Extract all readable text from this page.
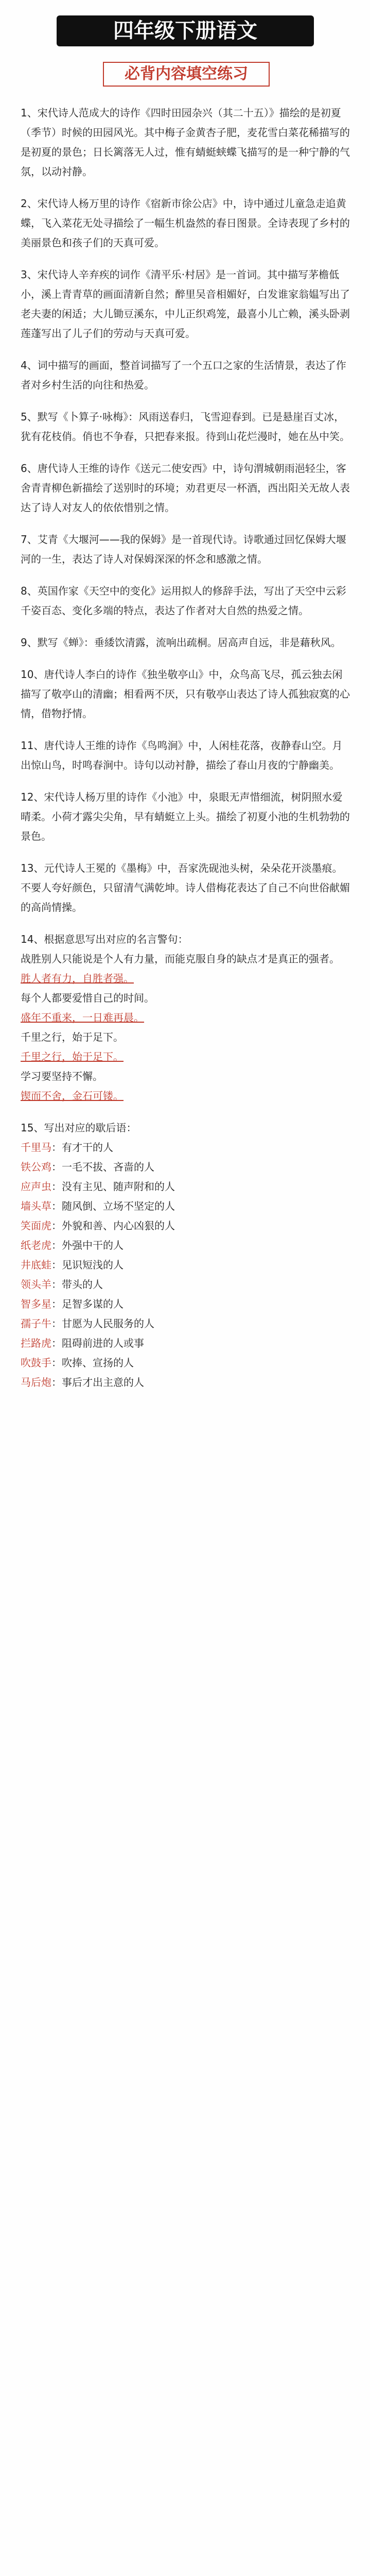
四年级下册语文
必背内容填空练习

1、宋代诗人范成大的诗作《四时田园杂兴（其二十五）》描绘的是初夏（季节）时候的田园风光。其中梅子金黄杏子肥，麦花雪白菜花稀描写的是初夏的景色；日长篱落无人过，惟有蜻蜓蛱蝶飞描写的是一种宁静的气氛，以动衬静。

2、宋代诗人杨万里的诗作《宿新市徐公店》中，诗中通过儿童急走追黄蝶，飞入菜花无处寻描绘了一幅生机盎然的春日图景。全诗表现了乡村的美丽景色和孩子们的天真可爱。

3、宋代诗人辛弃疾的词作《清平乐·村居》是一首词。其中描写茅檐低小，溪上青青草的画面清新自然；醉里吴音相媚好，白发谁家翁媪写出了老夫妻的闲适；大儿锄豆溪东，中儿正织鸡笼，最喜小儿亡赖，溪头卧剥莲蓬写出了儿子们的劳动与天真可爱。

4、词中描写的画面，整首词描写了一个五口之家的生活情景，表达了作者对乡村生活的向往和热爱。

5、默写《卜算子·咏梅》：风雨送春归，飞雪迎春到。已是悬崖百丈冰，犹有花枝俏。俏也不争春，只把春来报。待到山花烂漫时，她在丛中笑。

6、唐代诗人王维的诗作《送元二使安西》中，诗句渭城朝雨浥轻尘，客舍青青柳色新描绘了送别时的环境；劝君更尽一杯酒，西出阳关无故人表达了诗人对友人的依依惜别之情。

7、艾青《大堰河——我的保姆》是一首现代诗。诗歌通过回忆保姆大堰河的一生，表达了诗人对保姆深深的怀念和感激之情。

8、英国作家《天空中的变化》运用拟人的修辞手法，写出了天空中云彩千姿百态、变化多端的特点，表达了作者对大自然的热爱之情。

9、默写《蝉》：垂緌饮清露，流响出疏桐。居高声自远，非是藉秋风。

10、唐代诗人李白的诗作《独坐敬亭山》中，众鸟高飞尽，孤云独去闲描写了敬亭山的清幽；相看两不厌，只有敬亭山表达了诗人孤独寂寞的心情，借物抒情。

11、唐代诗人王维的诗作《鸟鸣涧》中，人闲桂花落，夜静春山空。月出惊山鸟，时鸣春涧中。诗句以动衬静，描绘了春山月夜的宁静幽美。

12、宋代诗人杨万里的诗作《小池》中，泉眼无声惜细流，树阴照水爱晴柔。小荷才露尖尖角，早有蜻蜓立上头。描绘了初夏小池的生机勃勃的景色。

13、元代诗人王冕的《墨梅》中，吾家洗砚池头树，朵朵花开淡墨痕。不要人夸好颜色，只留清气满乾坤。诗人借梅花表达了自己不向世俗献媚的高尚情操。

14、根据意思写出对应的名言警句：

战胜别人只能说是个人有力量，而能克服自身的缺点才是真正的强者。

胜人者有力，自胜者强。

每个人都要爱惜自己的时间。

盛年不重来，一日难再晨。

千里之行，始于足下。

千里之行，始于足下。

学习要坚持不懈。

锲而不舍，金石可镂。

15、写出对应的歇后语：

千里马：有才干的人

铁公鸡：一毛不拔、吝啬的人

应声虫：没有主见、随声附和的人

墙头草：随风倒、立场不坚定的人

笑面虎：外貌和善、内心凶狠的人

纸老虎：外强中干的人

井底蛙：见识短浅的人

领头羊：带头的人

智多星：足智多谋的人

孺子牛：甘愿为人民服务的人

拦路虎：阻碍前进的人或事

吹鼓手：吹捧、宣扬的人

马后炮：事后才出主意的人
